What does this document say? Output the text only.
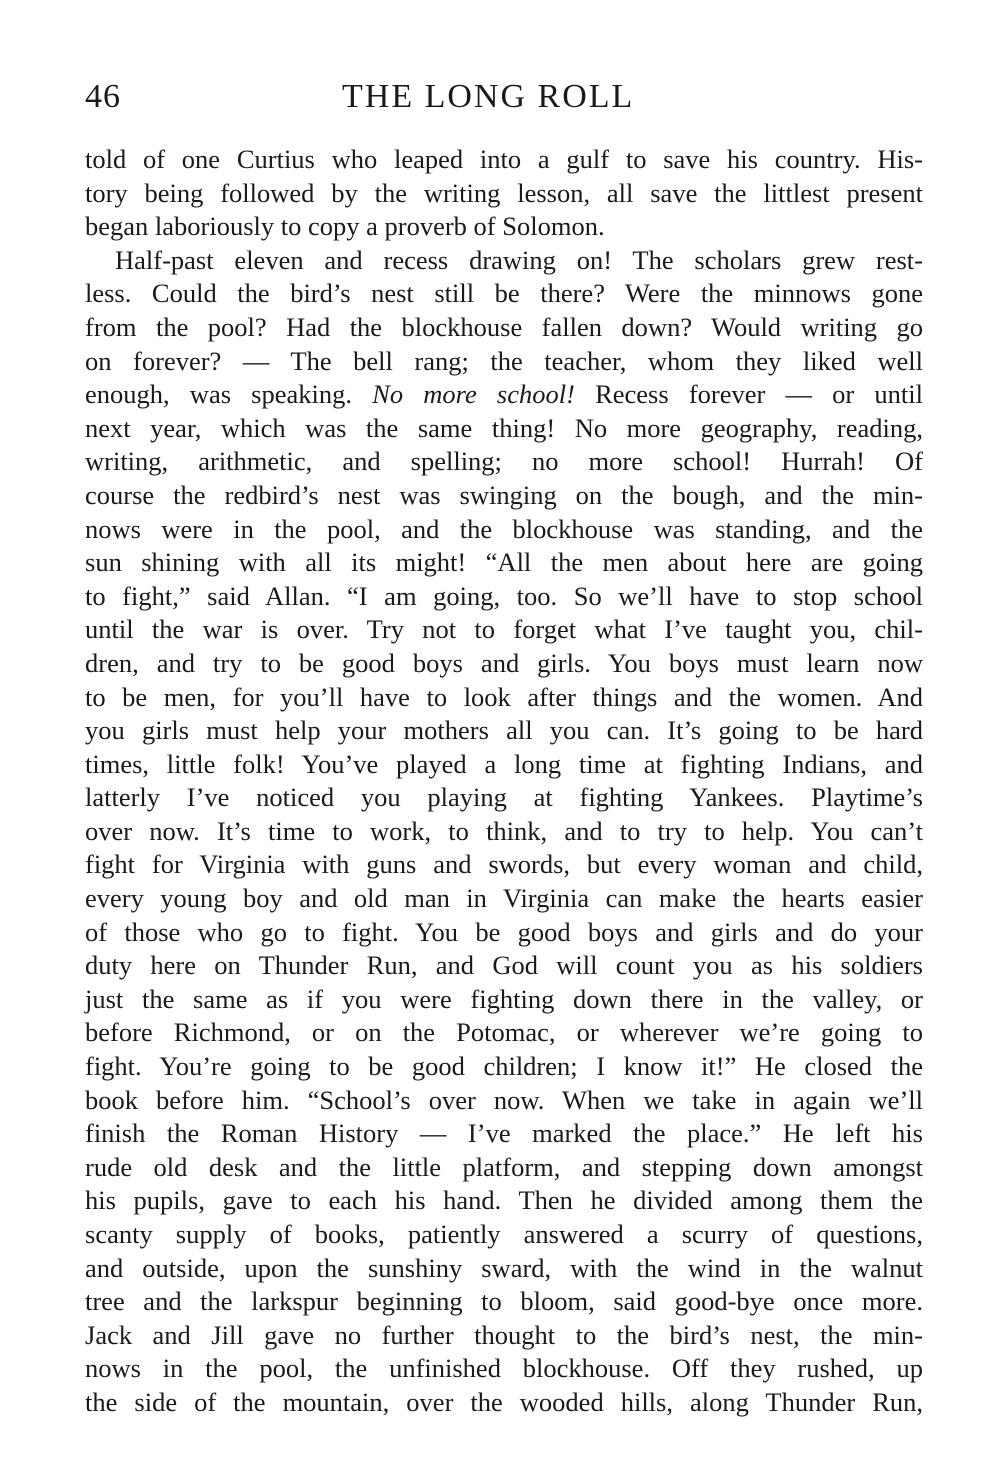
46	THE LONG ROLL
told of one Curtius who leaped into a gulf to save his country. His-
tory being followed by the writing lesson, all save the littlest present
began laboriously to copy a proverb of Solomon.
Half-past eleven and recess drawing on! The scholars grew rest-
less. Could the bird’s nest still be there? Were the minnows gone
from the pool? Had the blockhouse fallen down? Would writing go
on forever? — The bell rang; the teacher, whom they liked well
enough, was speaking. No more school! Recess forever — or until
next year, which was the same thing! No more geography, reading,
writing, arithmetic, and spelling; no more school! Hurrah! Of
course the redbird’s nest was swinging on the bough, and the min-
nows were in the pool, and the blockhouse was standing, and the
sun shining with all its might! “All the men about here are going
to fight,” said Allan. “I am going, too. So we’ll have to stop school
until the war is over. Try not to forget what I’ve taught you, chil-
dren, and try to be good boys and girls. You boys must learn now
to be men, for you’ll have to look after things and the women. And
you girls must help your mothers all you can. It’s going to be hard
times, little folk! You’ve played a long time at fighting Indians, and
latterly I’ve noticed you playing at fighting Yankees. Playtime’s
over now. It’s time to work, to think, and to try to help. You can’t
fight for Virginia with guns and swords, but every woman and child,
every young boy and old man in Virginia can make the hearts easier
of those who go to fight. You be good boys and girls and do your
duty here on Thunder Run, and God will count you as his soldiers
just the same as if you were fighting down there in the valley, or
before Richmond, or on the Potomac, or wherever we’re going to
fight. You’re going to be good children; I know it!” He closed the
book before him. “School’s over now. When we take in again we’ll
finish the Roman History — I’ve marked the place.” He left his
rude old desk and the little platform, and stepping down amongst
his pupils, gave to each his hand. Then he divided among them the
scanty supply of books, patiently answered a scurry of questions,
and outside, upon the sunshiny sward, with the wind in the walnut
tree and the larkspur beginning to bloom, said good-bye once more.
Jack and Jill gave no further thought to the bird’s nest, the min-
nows in the pool, the unfinished blockhouse. Off they rushed, up
the side of the mountain, over the wooded hills, along Thunder Run,
